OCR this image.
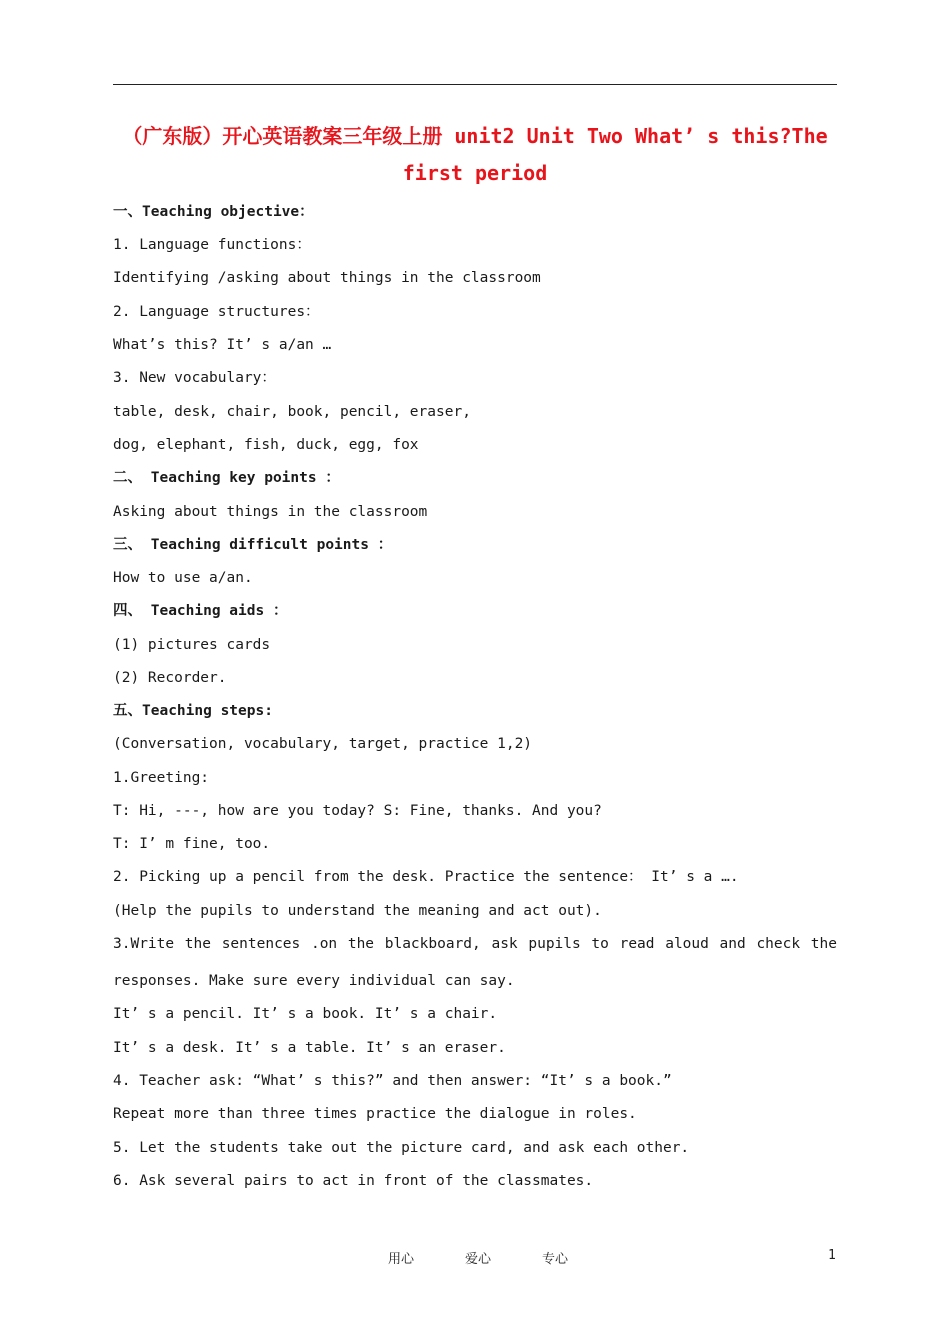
（广东版）开心英语教案三年级上册 unit2 Unit Two What’ s this?The
first period
一、Teaching objective：
1. Language functions：
Identifying /asking about things in the classroom
2. Language structures：
What’s this? It’ s a/an …
3. New vocabulary：
table, desk, chair, book, pencil, eraser,
dog, elephant, fish, duck, egg, fox
二、 Teaching key points ：
Asking about things in the classroom
三、 Teaching difficult points ：
How to use a/an.
四、 Teaching aids ：
(1) pictures cards
(2) Recorder.
五、Teaching steps:
(Conversation, vocabulary, target, practice 1,2)
1.Greeting:
T: Hi, ---, how are you today? S: Fine, thanks. And you?
T: I’ m fine, too.
2. Picking up a pencil from the desk. Practice the sentence： It’ s a ….
(Help the pupils to understand the meaning and act out).
3.Write the sentences .on the blackboard, ask pupils to read aloud and check the
responses. Make sure every individual can say.
It’ s a pencil. It’ s a book. It’ s a chair.
It’ s a desk. It’ s a table. It’ s an eraser.
4. Teacher ask: “What’ s this?” and then answer: “It’ s a book.”
Repeat more than three times practice the dialogue in roles.
5. Let the students take out the picture card, and ask each other.
6. Ask several pairs to act in front of the classmates.
用心	爱心	专心	1
